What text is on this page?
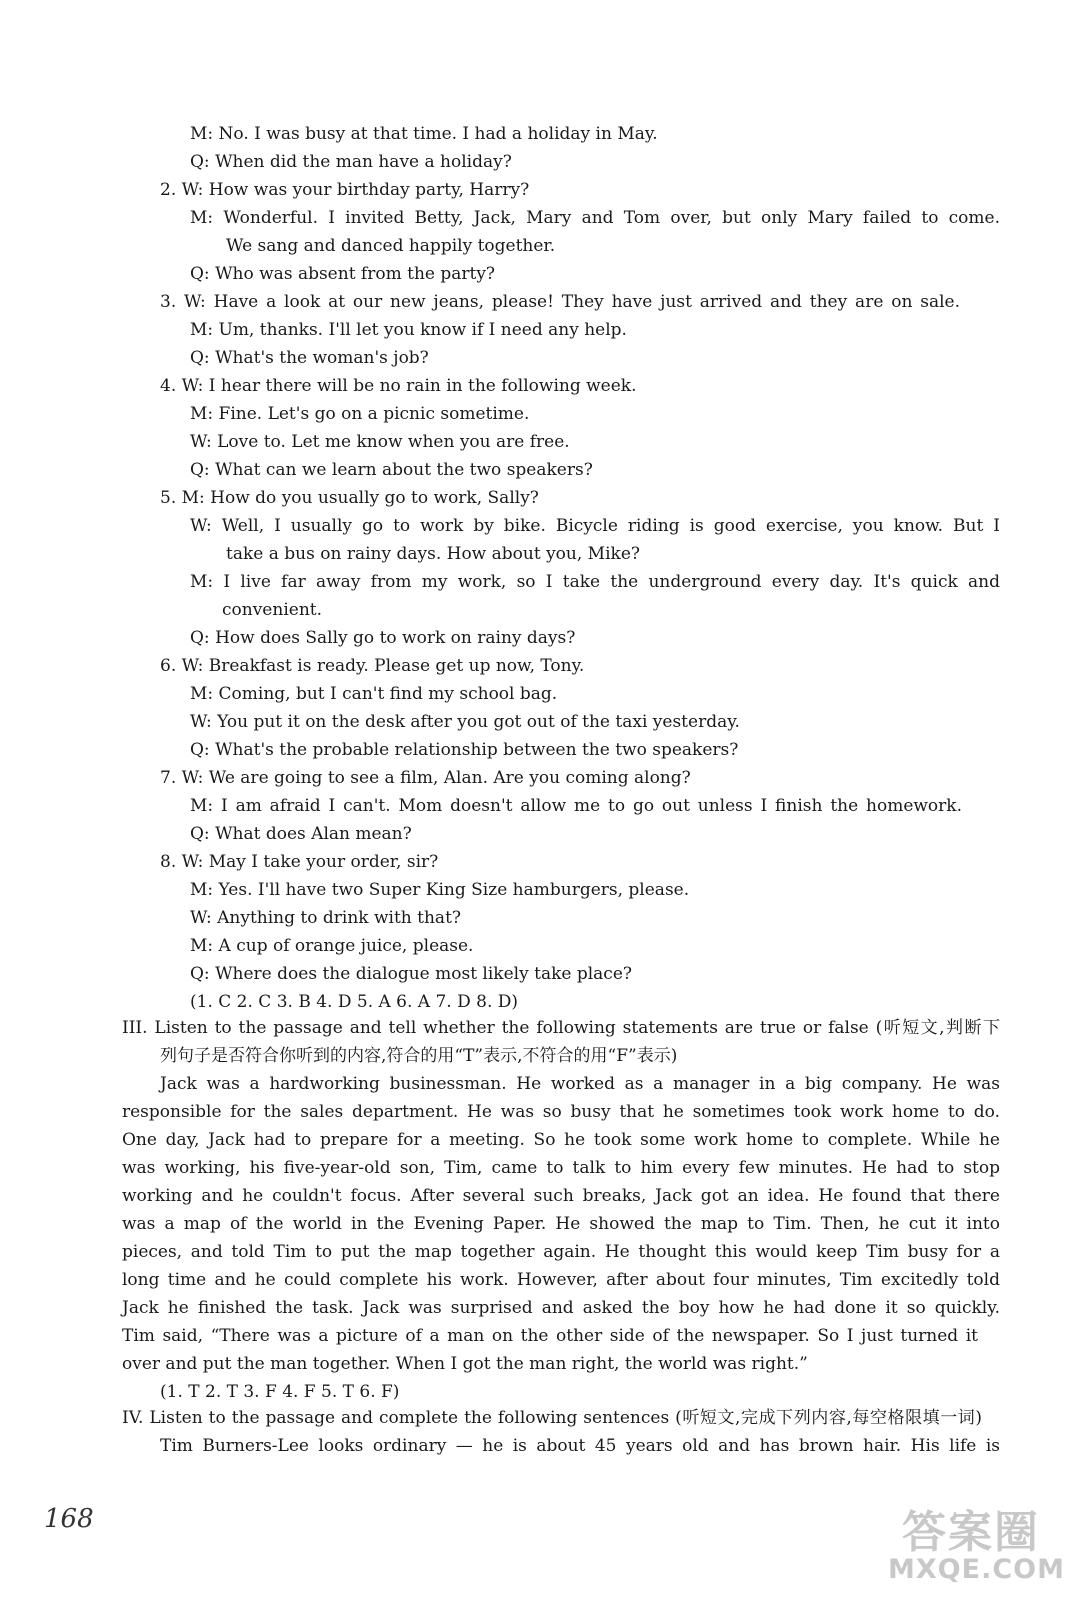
M: No. I was busy at that time. I had a holiday in May.
Q: When did the man have a holiday?
2. W: How was your birthday party, Harry?
M: Wonderful. I invited Betty, Jack, Mary and Tom over, but only Mary failed to come.
We sang and danced happily together.
Q: Who was absent from the party?
3. W: Have a look at our new jeans, please! They have just arrived and they are on sale.
M: Um, thanks. I'll let you know if I need any help.
Q: What's the woman's job?
4. W: I hear there will be no rain in the following week.
M: Fine. Let's go on a picnic sometime.
W: Love to. Let me know when you are free.
Q: What can we learn about the two speakers?
5. M: How do you usually go to work, Sally?
W: Well, I usually go to work by bike. Bicycle riding is good exercise, you know. But I
take a bus on rainy days. How about you, Mike?
M: I live far away from my work, so I take the underground every day. It's quick and
convenient.
Q: How does Sally go to work on rainy days?
6. W: Breakfast is ready. Please get up now, Tony.
M: Coming, but I can't find my school bag.
W: You put it on the desk after you got out of the taxi yesterday.
Q: What's the probable relationship between the two speakers?
7. W: We are going to see a film, Alan. Are you coming along?
M: I am afraid I can't. Mom doesn't allow me to go out unless I finish the homework.
Q: What does Alan mean?
8. W: May I take your order, sir?
M: Yes. I'll have two Super King Size hamburgers, please.
W: Anything to drink with that?
M: A cup of orange juice, please.
Q: Where does the dialogue most likely take place?
(1. C 2. C 3. B 4. D 5. A 6. A 7. D 8. D)
III. Listen to the passage and tell whether the following statements are true or false (听短文,判断下
列句子是否符合你听到的内容,符合的用“T”表示,不符合的用“F”表示)
Jack was a hardworking businessman. He worked as a manager in a big company. He was
responsible for the sales department. He was so busy that he sometimes took work home to do.
One day, Jack had to prepare for a meeting. So he took some work home to complete. While he
was working, his five-year-old son, Tim, came to talk to him every few minutes. He had to stop
working and he couldn't focus. After several such breaks, Jack got an idea. He found that there
was a map of the world in the Evening Paper. He showed the map to Tim. Then, he cut it into
pieces, and told Tim to put the map together again. He thought this would keep Tim busy for a
long time and he could complete his work. However, after about four minutes, Tim excitedly told
Jack he finished the task. Jack was surprised and asked the boy how he had done it so quickly.
Tim said, “There was a picture of a man on the other side of the newspaper. So I just turned it
over and put the man together. When I got the man right, the world was right.”
(1. T 2. T 3. F 4. F 5. T 6. F)
IV. Listen to the passage and complete the following sentences (听短文,完成下列内容,每空格限填一词)
Tim Burners-Lee looks ordinary — he is about 45 years old and has brown hair. His life is
168	答案圈
MXQE.COM
